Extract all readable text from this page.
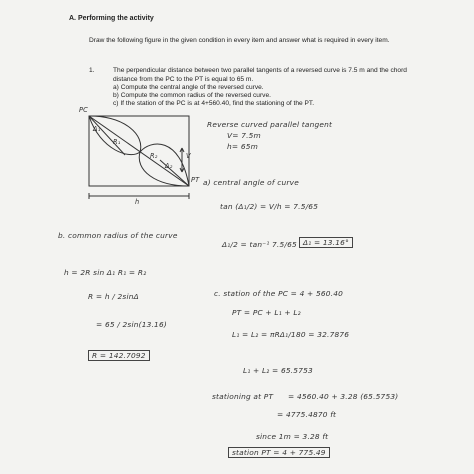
A. Performing the activity
Draw the following figure in the given condition in every item and answer what is required in every item.
1.	The perpendicular distance between two parallel tangents of a reversed curve is 7.5 m and the chord distance from the PC to the PT is equal to 65 m.
a) Compute the central angle of the reversed curve.
b) Compute the common radius of the reversed curve.
c) If the station of the PC is at 4+560.40, find the stationing of the PT.
PC
Δ₁
R₁
R₂
Δ₂
PT
V
h
Reverse curved parallel tangent
V= 7.5m
h= 65m
a) central angle of curve
tan (Δ₁/2) = V/h = 7.5/65
Δ₁/2 = tan⁻¹ 7.5/65 Δ₁ = 13.16°
b. common radius of the curve
h = 2R sin Δ₁ R₁ = R₂
R = h / 2sinΔ
= 65 / 2sin(13.16)
R = 142.7092
c. station of the PC = 4 + 560.40
PT = PC + L₁ + L₂
L₁ = L₂ = πRΔ₁/180 = 32.7876
L₁ + L₂ = 65.5753
stationing at PT = 4560.40 + 3.28 (65.5753)
= 4775.4870 ft
since 1m = 3.28 ft
station PT = 4 + 775.49
